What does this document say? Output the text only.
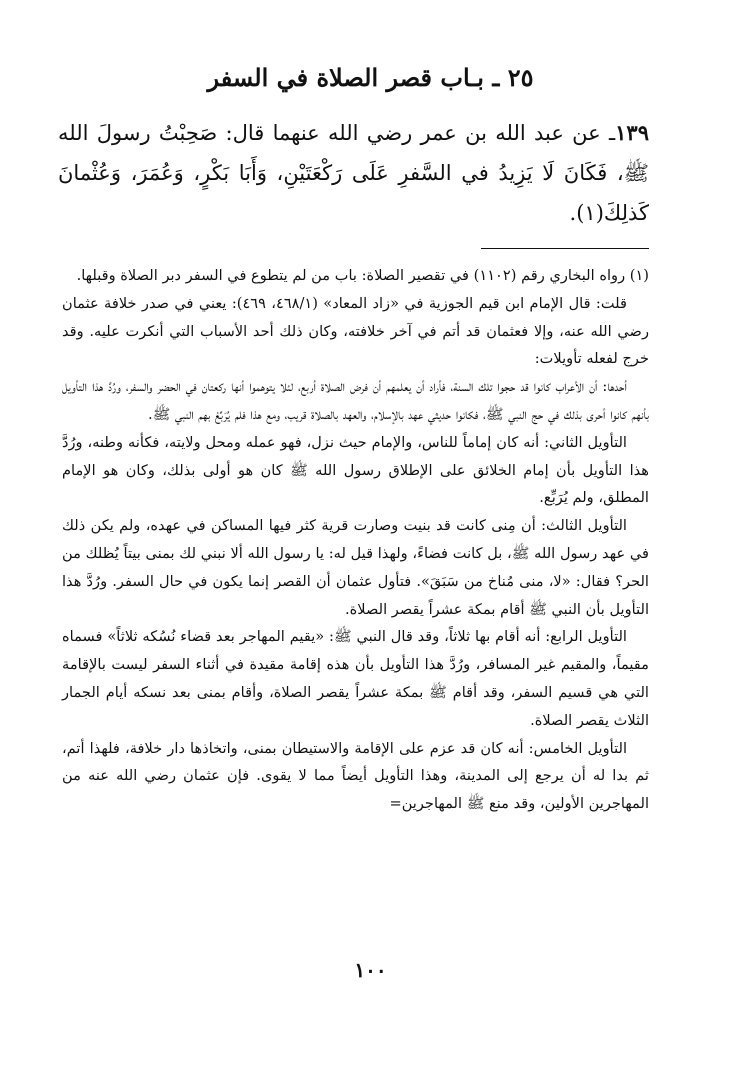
٢٥ ـ بـاب قصر الصلاة في السفر
١٣٩ـ عن عبد الله بن عمر رضي الله عنهما قال: صَحِبْتُ رسولَ الله ﷺ، فَكَانَ لَا يَزِيدُ في السَّفرِ عَلَى رَكْعَتَيْنِ، وَأَبَا بَكْرٍ، وَعُمَرَ، وَعُثْمانَ كَذلِكَ(١).

(١) رواه البخاري رقم (١١٠٢) في تقصير الصلاة: باب من لم يتطوع في السفر دبر الصلاة وقبلها.

قلت: قال الإمام ابن قيم الجوزية في «زاد المعاد» (٤٦٨/١، ٤٦٩): يعني في صدر خلافة عثمان رضي الله عنه، وإلا فعثمان قد أتم في آخر خلافته، وكان ذلك أحد الأسباب التي أنكرت عليه. وقد خرج لفعله تأويلات:

أحدها: أن الأعراب كانوا قد حجوا تلك السنة، فأراد أن يعلمهم أن فرض الصلاة أربع، لئلا يتوهموا أنها ركعتان في الحضر والسفر، ورُدَّ هذا التأويل بأنهم كانوا أحرى بذلك في حج النبي ﷺ، فكانوا حديثي عهد بالإسلام، والعهد بالصلاة قريب، ومع هذا فلم يُرَبِّعْ بهم النبي ﷺ.

التأويل الثاني: أنه كان إماماً للناس، والإمام حيث نزل، فهو عمله ومحل ولايته، فكأنه وطنه، ورُدَّ هذا التأويل بأن إمام الخلائق على الإطلاق رسول الله ﷺ كان هو أولى بذلك، وكان هو الإمام المطلق، ولم يُرَبِّع.

التأويل الثالث: أن مِنى كانت قد بنيت وصارت قرية كثر فيها المساكن في عهده، ولم يكن ذلك في عهد رسول الله ﷺ، بل كانت فضاءً، ولهذا قيل له: يا رسول الله ألا نبني لك بمنى بيتاً يُظلك من الحر؟ فقال: «لا، منى مُناخ من سَبَقَ». فتأول عثمان أن القصر إنما يكون في حال السفر. ورُدَّ هذا التأويل بأن النبي ﷺ أقام بمكة عشراً يقصر الصلاة.

التأويل الرابع: أنه أقام بها ثلاثاً، وقد قال النبي ﷺ: «يقيم المهاجر بعد قضاء نُسُكه ثلاثاً» فسماه مقيماً، والمقيم غير المسافر، ورُدَّ هذا التأويل بأن هذه إقامة مقيدة في أثناء السفر ليست بالإقامة التي هي قسيم السفر، وقد أقام ﷺ بمكة عشراً يقصر الصلاة، وأقام بمنى بعد نسكه أيام الجمار الثلاث يقصر الصلاة.

التأويل الخامس: أنه كان قد عزم على الإقامة والاستيطان بمنى، واتخاذها دار خلافة، فلهذا أتم، ثم بدا له أن يرجع إلى المدينة، وهذا التأويل أيضاً مما لا يقوى. فإن عثمان رضي الله عنه من المهاجرين الأولين، وقد منع ﷺ المهاجرين=

١٠٠
